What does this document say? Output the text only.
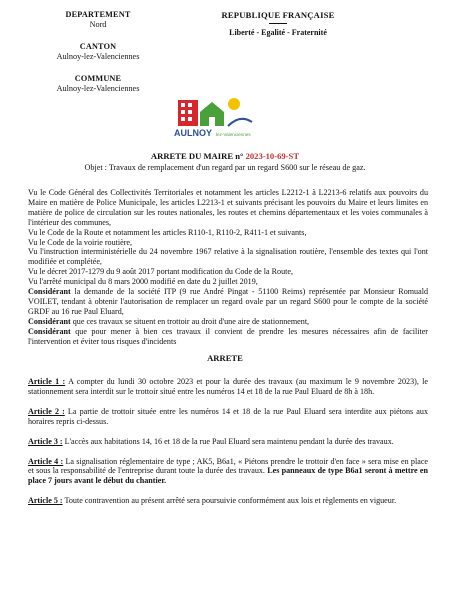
DEPARTEMENT
Nord
CANTON
Aulnoy-lez-Valenciennes
COMMUNE
Aulnoy-lez-Valenciennes
REPUBLIQUE FRANÇAISE
Liberté - Egalité - Fraternité
AULNOY lez-Valenciennes
ARRETE DU MAIRE n° 2023-10-69-ST
Objet : Travaux de remplacement d'un regard par un regard S600 sur le réseau de gaz.

Vu le Code Général des Collectivités Territoriales et notamment les articles L2212-1 à L2213-6 relatifs aux pouvoirs du Maire en matière de Police Municipale, les articles L2213-1 et suivants précisant les pouvoirs du Maire et leurs limites en matière de police de circulation sur les routes nationales, les routes et chemins départementaux et les voies communales à l'intérieur des communes,

Vu le Code de la Route et notamment les articles R110-1, R110-2, R411-1 et suivants,

Vu le Code de la voirie routière,

Vu l'instruction interministérielle du 24 novembre 1967 relative à la signalisation routière, l'ensemble des textes qui l'ont modifiée et complétée,

Vu le décret 2017-1279 du 9 août 2017 portant modification du Code de la Route,

Vu l'arrêté municipal du 8 mars 2000 modifié en date du 2 juillet 2019,

Considérant la demande de la société ITP (9 rue André Pingat - 51100 Reims) représentée par Monsieur Romuald VOILET, tendant à obtenir l'autorisation de remplacer un regard ovale par un regard S600 pour le compte de la société GRDF au 16 rue Paul Eluard,

Considérant que ces travaux se situent en trottoir au droit d'une aire de stationnement,

Considérant que pour mener à bien ces travaux il convient de prendre les mesures nécessaires afin de faciliter l'intervention et éviter tous risques d'incidents

ARRETE

Article 1 : A compter du lundi 30 octobre 2023 et pour la durée des travaux (au maximum le 9 novembre 2023), le stationnement sera interdit sur le trottoir situé entre les numéros 14 et 18 de la rue Paul Eluard de 8h à 18h.

Article 2 : La partie de trottoir située entre les numéros 14 et 18 de la rue Paul Eluard sera interdite aux piétons aux horaires repris ci-dessus.

Article 3 : L'accès aux habitations 14, 16 et 18 de la rue Paul Eluard sera maintenu pendant la durée des travaux.

Article 4 : La signalisation réglementaire de type ; AK5, B6a1, « Piétons prendre le trottoir d'en face » sera mise en place et sous la responsabilité de l'entreprise durant toute la durée des travaux. Les panneaux de type B6a1 seront à mettre en place 7 jours avant le début du chantier.

Article 5 : Toute contravention au présent arrêté sera poursuivie conformément aux lois et règlements en vigueur.
